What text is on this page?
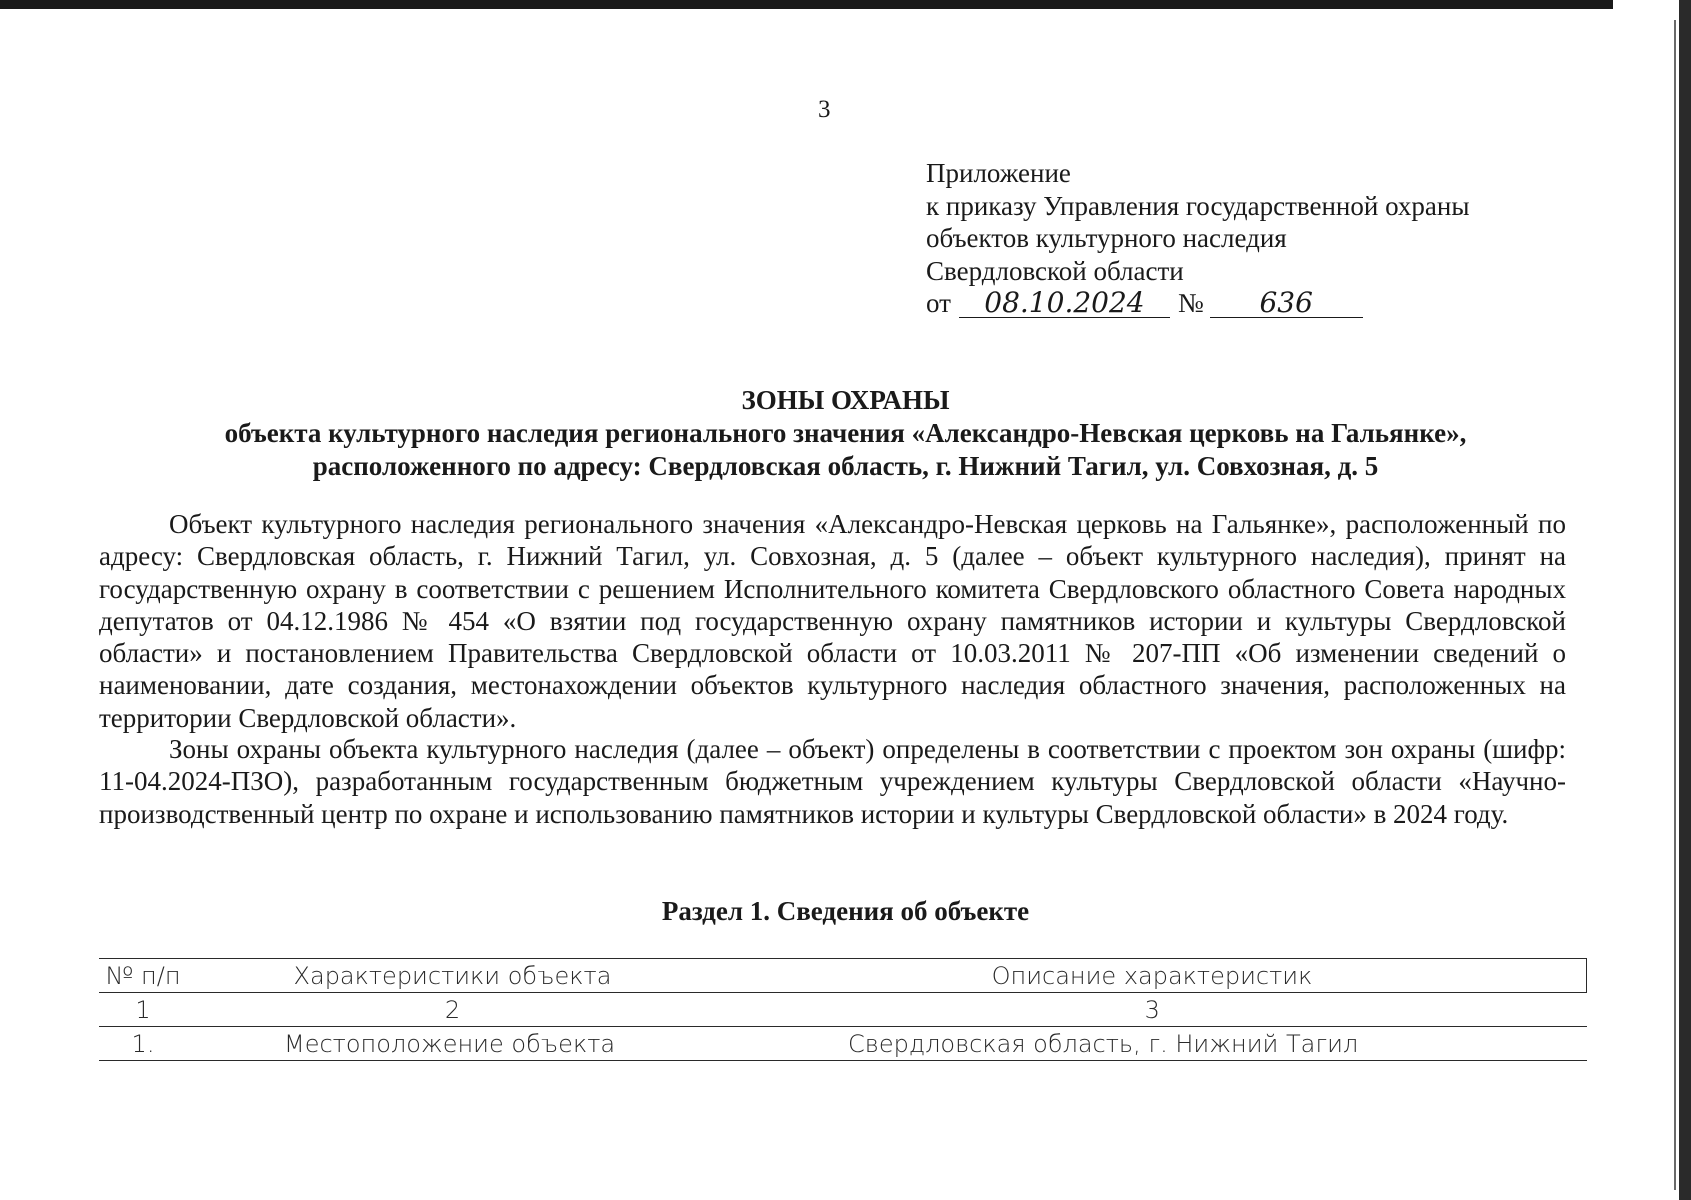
3
Приложение
к приказу Управления государственной охраны
объектов культурного наследия
Свердловской области
от 08.10.2024 № 636
ЗОНЫ ОХРАНЫ
объекта культурного наследия регионального значения «Александро-Невская церковь на Гальянке»,
расположенного по адресу: Свердловская область, г. Нижний Тагил, ул. Совхозная, д. 5
Объект культурного наследия регионального значения «Александро-Невская церковь на Гальянке», расположенный по адресу: Свердловская область, г. Нижний Тагил, ул. Совхозная, д. 5 (далее – объект культурного наследия), принят на государственную охрану в соответствии с решением Исполнительного комитета Свердловского областного Совета народных депутатов от 04.12.1986 № 454 «О взятии под государственную охрану памятников истории и культуры Свердловской области» и постановлением Правительства Свердловской области от 10.03.2011 № 207-ПП «Об изменении сведений о наименовании, дате создания, местонахождении объектов культурного наследия областного значения, расположенных на территории Свердловской области».
Зоны охраны объекта культурного наследия (далее – объект) определены в соответствии с проектом зон охраны (шифр: 11-04.2024-ПЗО), разработанным государственным бюджетным учреждением культуры Свердловской области «Научно-производственный центр по охране и использованию памятников истории и культуры Свердловской области» в 2024 году.
Раздел 1. Сведения об объекте
№ п/п	Характеристики объекта	Описание характеристик
1	2	3
1.	Местоположение объекта	Свердловская область, г. Нижний Тагил
